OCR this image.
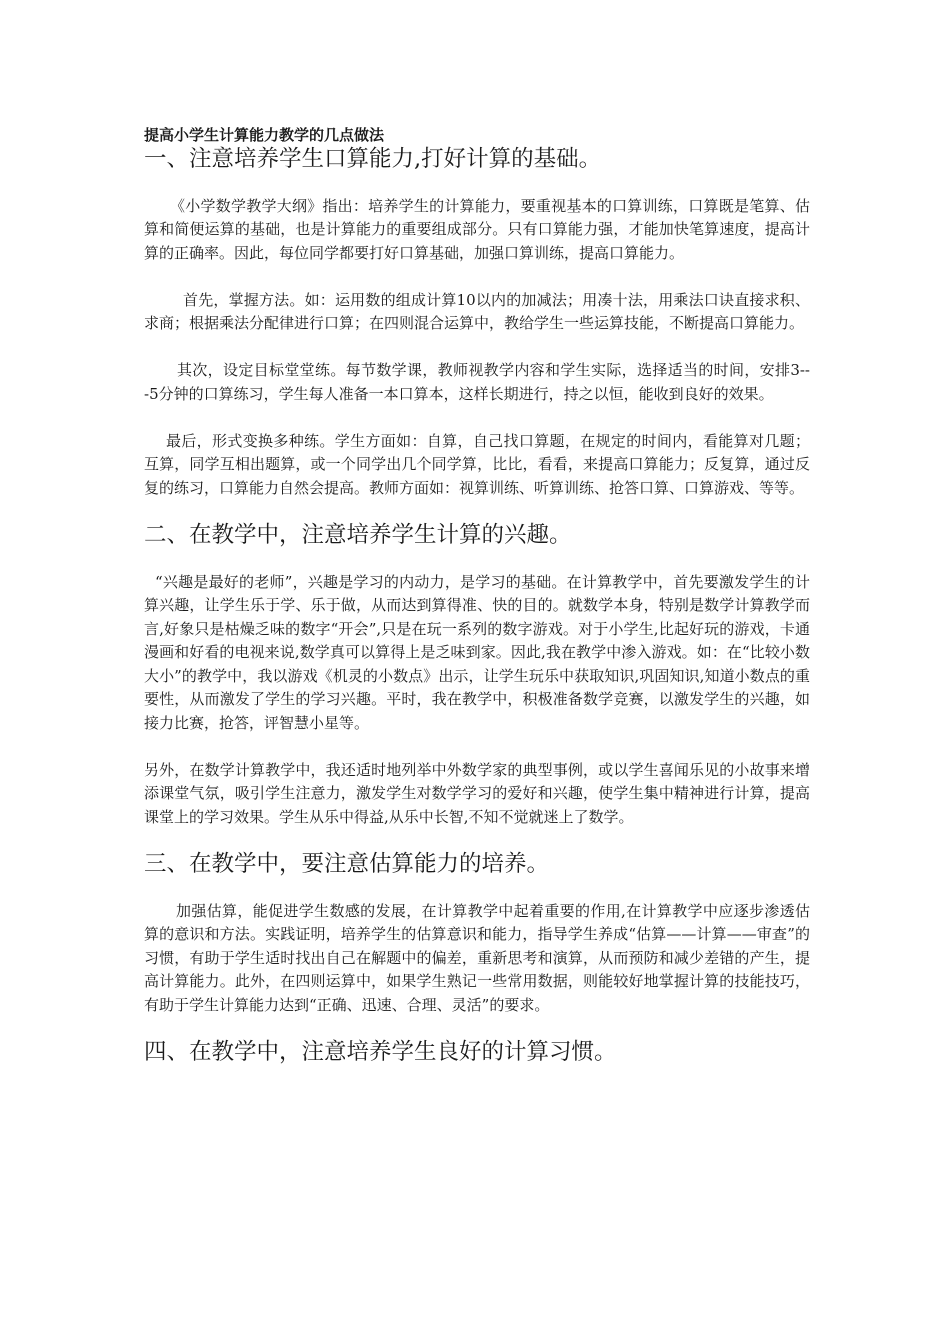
提高小学生计算能力教学的几点做法
一、注意培养学生口算能力,打好计算的基础。

《小学数学教学大纲》指出：培养学生的计算能力，要重视基本的口算训练，口算既是笔算、估算和简便运算的基础，也是计算能力的重要组成部分。只有口算能力强，才能加快笔算速度，提高计算的正确率。因此，每位同学都要打好口算基础，加强口算训练，提高口算能力。

首先，掌握方法。如：运用数的组成计算10以内的加减法；用凑十法，用乘法口诀直接求积、求商；根据乘法分配律进行口算；在四则混合运算中，教给学生一些运算技能，不断提高口算能力。

其次，设定目标堂堂练。每节数学课，教师视教学内容和学生实际，选择适当的时间，安排3---5分钟的口算练习，学生每人准备一本口算本，这样长期进行，持之以恒，能收到良好的效果。

最后，形式变换多种练。学生方面如：自算，自己找口算题，在规定的时间内，看能算对几题；互算，同学互相出题算，或一个同学出几个同学算，比比，看看，来提高口算能力；反复算，通过反复的练习，口算能力自然会提高。教师方面如：视算训练、听算训练、抢答口算、口算游戏、等等。

二、在教学中，注意培养学生计算的兴趣。

“兴趣是最好的老师”，兴趣是学习的内动力，是学习的基础。在计算教学中，首先要激发学生的计算兴趣，让学生乐于学、乐于做，从而达到算得准、快的目的。就数学本身，特别是数学计算教学而言,好象只是枯燥乏味的数字“开会”,只是在玩一系列的数字游戏。对于小学生,比起好玩的游戏，卡通漫画和好看的电视来说,数学真可以算得上是乏味到家。因此,我在教学中渗入游戏。如：在“比较小数大小”的教学中，我以游戏《机灵的小数点》出示，让学生玩乐中获取知识,巩固知识,知道小数点的重要性，从而激发了学生的学习兴趣。平时，我在教学中，积极准备数学竞赛，以激发学生的兴趣，如接力比赛，抢答，评智慧小星等。

另外，在数学计算教学中，我还适时地列举中外数学家的典型事例，或以学生喜闻乐见的小故事来增添课堂气氛，吸引学生注意力，激发学生对数学学习的爱好和兴趣，使学生集中精神进行计算，提高课堂上的学习效果。学生从乐中得益,从乐中长智,不知不觉就迷上了数学。

三、在教学中，要注意估算能力的培养。

加强估算，能促进学生数感的发展，在计算教学中起着重要的作用,在计算教学中应逐步渗透估算的意识和方法。实践证明，培养学生的估算意识和能力，指导学生养成“估算——计算——审查”的习惯，有助于学生适时找出自己在解题中的偏差，重新思考和演算，从而预防和减少差错的产生，提高计算能力。此外，在四则运算中，如果学生熟记一些常用数据，则能较好地掌握计算的技能技巧，有助于学生计算能力达到“正确、迅速、合理、灵活”的要求。

四、在教学中，注意培养学生良好的计算习惯。
